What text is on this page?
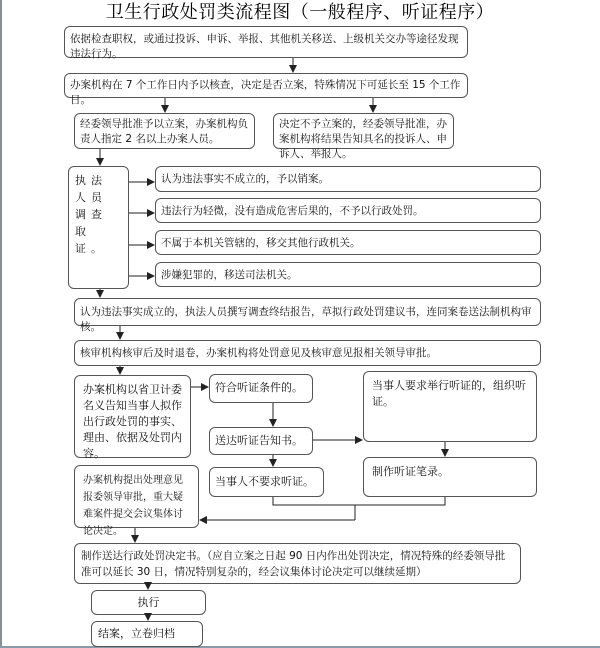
卫生行政处罚类流程图（一般程序、听证程序）
依据检查职权，或通过投诉、申诉、举报、其他机关移送、上级机关交办等途径发现违法行为。
办案机构在 7 个工作日内予以核查，决定是否立案，特殊情况下可延长至 15 个工作日。
经委领导批准予以立案，办案机构负责人指定 2 名以上办案人员。
决定不予立案的，经委领导批准，办案机构将结果告知具名的投诉人、申诉人、举报人。
执法人员调查取证。
认为违法事实不成立的，予以销案。
违法行为轻微，没有造成危害后果的，不予以行政处罚。
不属于本机关管辖的，移交其他行政机关。
涉嫌犯罪的，移送司法机关。
认为违法事实成立的，执法人员撰写调查终结报告，草拟行政处罚建议书，连同案卷送法制机构审核。
核审机构核审后及时退卷，办案机构将处罚意见及核审意见报相关领导审批。
办案机构以省卫计委名义告知当事人拟作出行政处罚的事实、理由、依据及处罚内容。
符合听证条件的。
送达听证告知书。
当事人不要求听证。
当事人要求举行听证的，组织听证。
制作听证笔录。
办案机构提出处理意见报委领导审批，重大疑难案件提交会议集体讨论决定。
制作送达行政处罚决定书。（应自立案之日起 90 日内作出处罚决定，情况特殊的经委领导批准可以延长 30 日，情况特别复杂的，经会议集体讨论决定可以继续延期）
执行
结案，立卷归档
